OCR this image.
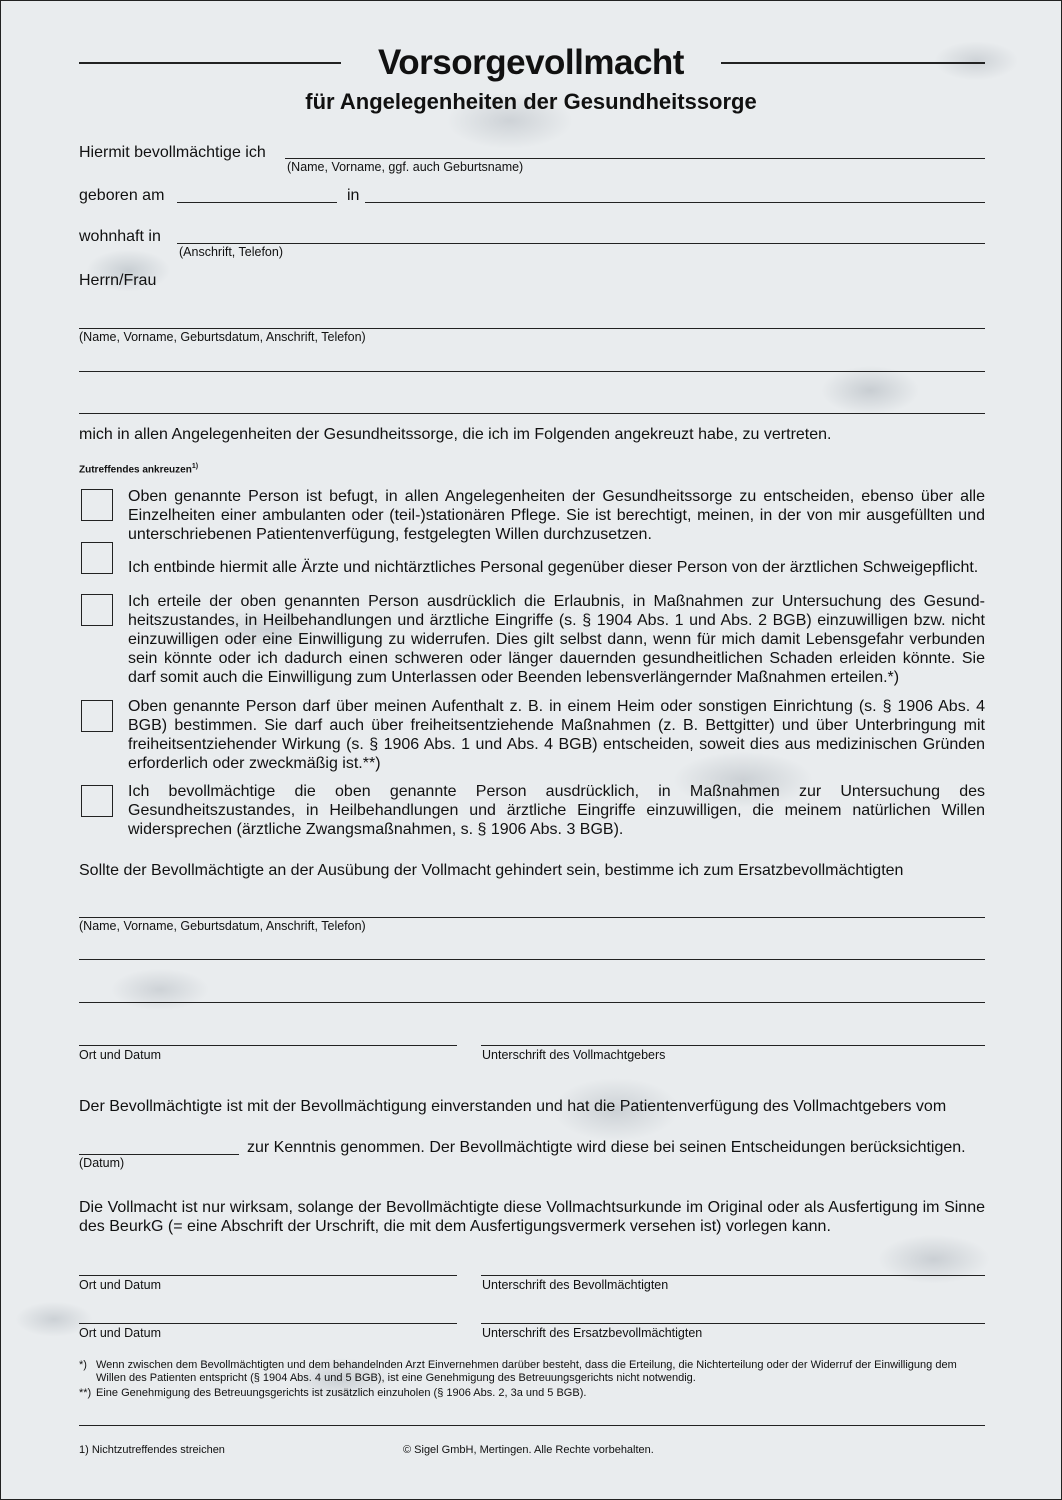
Vorsorgevollmacht
für Angelegenheiten der Gesundheitssorge
Hiermit bevollmächtige ich
(Name, Vorname, ggf. auch Geburtsname)
geboren am	in
wohnhaft in
(Anschrift, Telefon)
Herrn/Frau
(Name, Vorname, Geburtsdatum, Anschrift, Telefon)
mich in allen Angelegenheiten der Gesundheitssorge, die ich im Folgenden angekreuzt habe, zu vertreten.
Zutreffendes ankreuzen$^{1)}$
Oben genannte Person ist befugt, in allen Angelegenheiten der Gesundheitssorge zu entscheiden, ebenso über alle Einzelheiten einer ambulanten oder (teil-)stationären Pflege. Sie ist berechtigt, meinen, in der von mir ausgefüllten und unterschriebenen Patientenverfügung, festgelegten Willen durchzusetzen.
Ich entbinde hiermit alle Ärzte und nichtärztliches Personal gegenüber dieser Person von der ärztlichen Schweigepflicht.
Ich erteile der oben genannten Person ausdrücklich die Erlaubnis, in Maßnahmen zur Untersuchung des Gesund-heitszustandes, in Heilbehandlungen und ärztliche Eingriffe (s. § 1904 Abs. 1 und Abs. 2 BGB) einzuwilligen bzw. nicht einzuwilligen oder eine Einwilligung zu widerrufen. Dies gilt selbst dann, wenn für mich damit Lebensgefahr verbunden sein könnte oder ich dadurch einen schweren oder länger dauernden gesundheitlichen Schaden erleiden könnte. Sie darf somit auch die Einwilligung zum Unterlassen oder Beenden lebensverlängernder Maßnahmen erteilen.*)
Oben genannte Person darf über meinen Aufenthalt z. B. in einem Heim oder sonstigen Einrichtung (s. § 1906 Abs. 4 BGB) bestimmen. Sie darf auch über freiheitsentziehende Maßnahmen (z. B. Bettgitter) und über Unterbringung mit freiheitsentziehender Wirkung (s. § 1906 Abs. 1 und Abs. 4 BGB) entscheiden, soweit dies aus medizinischen Gründen erforderlich oder zweckmäßig ist.**)
Ich bevollmächtige die oben genannte Person ausdrücklich, in Maßnahmen zur Untersuchung des Gesundheitszustandes, in Heilbehandlungen und ärztliche Eingriffe einzuwilligen, die meinem natürlichen Willen widersprechen (ärztliche Zwangsmaßnahmen, s. § 1906 Abs. 3 BGB).
Sollte der Bevollmächtigte an der Ausübung der Vollmacht gehindert sein, bestimme ich zum Ersatzbevollmächtigten
(Name, Vorname, Geburtsdatum, Anschrift, Telefon)
Ort und Datum	Unterschrift des Vollmachtgebers
Der Bevollmächtigte ist mit der Bevollmächtigung einverstanden und hat die Patientenverfügung des Vollmachtgebers vom
(Datum)
zur Kenntnis genommen. Der Bevollmächtigte wird diese bei seinen Entscheidungen berücksichtigen.
Die Vollmacht ist nur wirksam, solange der Bevollmächtigte diese Vollmachtsurkunde im Original oder als Ausfertigung im Sinne des BeurkG (= eine Abschrift der Urschrift, die mit dem Ausfertigungsvermerk versehen ist) vorlegen kann.
Ort und Datum	Unterschrift des Bevollmächtigten
Ort und Datum	Unterschrift des Ersatzbevollmächtigten
*) Wenn zwischen dem Bevollmächtigten und dem behandelnden Arzt Einvernehmen darüber besteht, dass die Erteilung, die Nichterteilung oder der Widerruf der Einwilligung dem Willen des Patienten entspricht (§ 1904 Abs. 4 und 5 BGB), ist eine Genehmigung des Betreuungsgerichts nicht notwendig.
**) Eine Genehmigung des Betreuungsgerichts ist zusätzlich einzuholen (§ 1906 Abs. 2, 3a und 5 BGB).
1) Nichtzutreffendes streichen	© Sigel GmbH, Mertingen. Alle Rechte vorbehalten.
